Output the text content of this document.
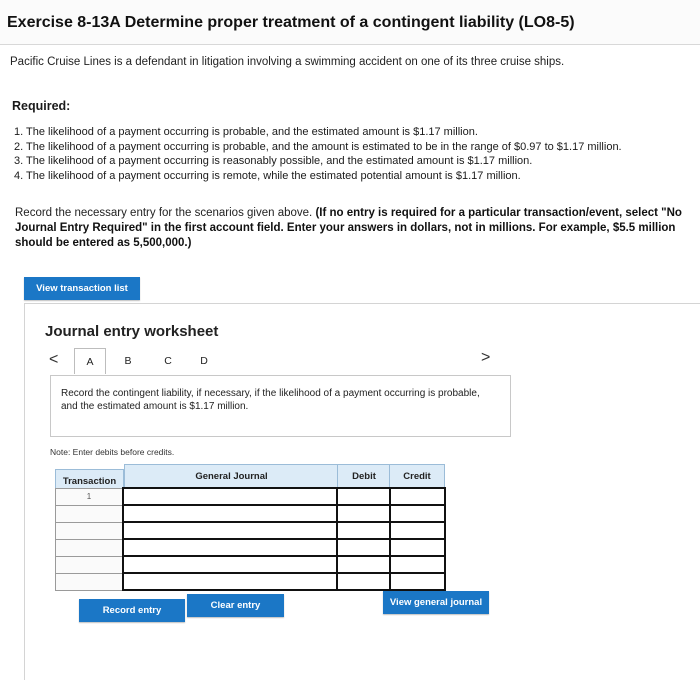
Exercise 8-13A Determine proper treatment of a contingent liability (LO8-5)
Pacific Cruise Lines is a defendant in litigation involving a swimming accident on one of its three cruise ships.
Required:
1. The likelihood of a payment occurring is probable, and the estimated amount is $1.17 million.
2. The likelihood of a payment occurring is probable, and the amount is estimated to be in the range of $0.97 to $1.17 million.
3. The likelihood of a payment occurring is reasonably possible, and the estimated amount is $1.17 million.
4. The likelihood of a payment occurring is remote, while the estimated potential amount is $1.17 million.
Record the necessary entry for the scenarios given above. (If no entry is required for a particular transaction/event, select "No Journal Entry Required" in the first account field. Enter your answers in dollars, not in millions. For example, $5.5 million should be entered as 5,500,000.)
View transaction list
Journal entry worksheet
<	A	B	C	D	>
Record the contingent liability, if necessary, if the likelihood of a payment occurring is probable, and the estimated amount is $1.17 million.
Note: Enter debits before credits.
Transaction	General Journal	Debit	Credit
1			

Record entry	Clear entry	View general journal
